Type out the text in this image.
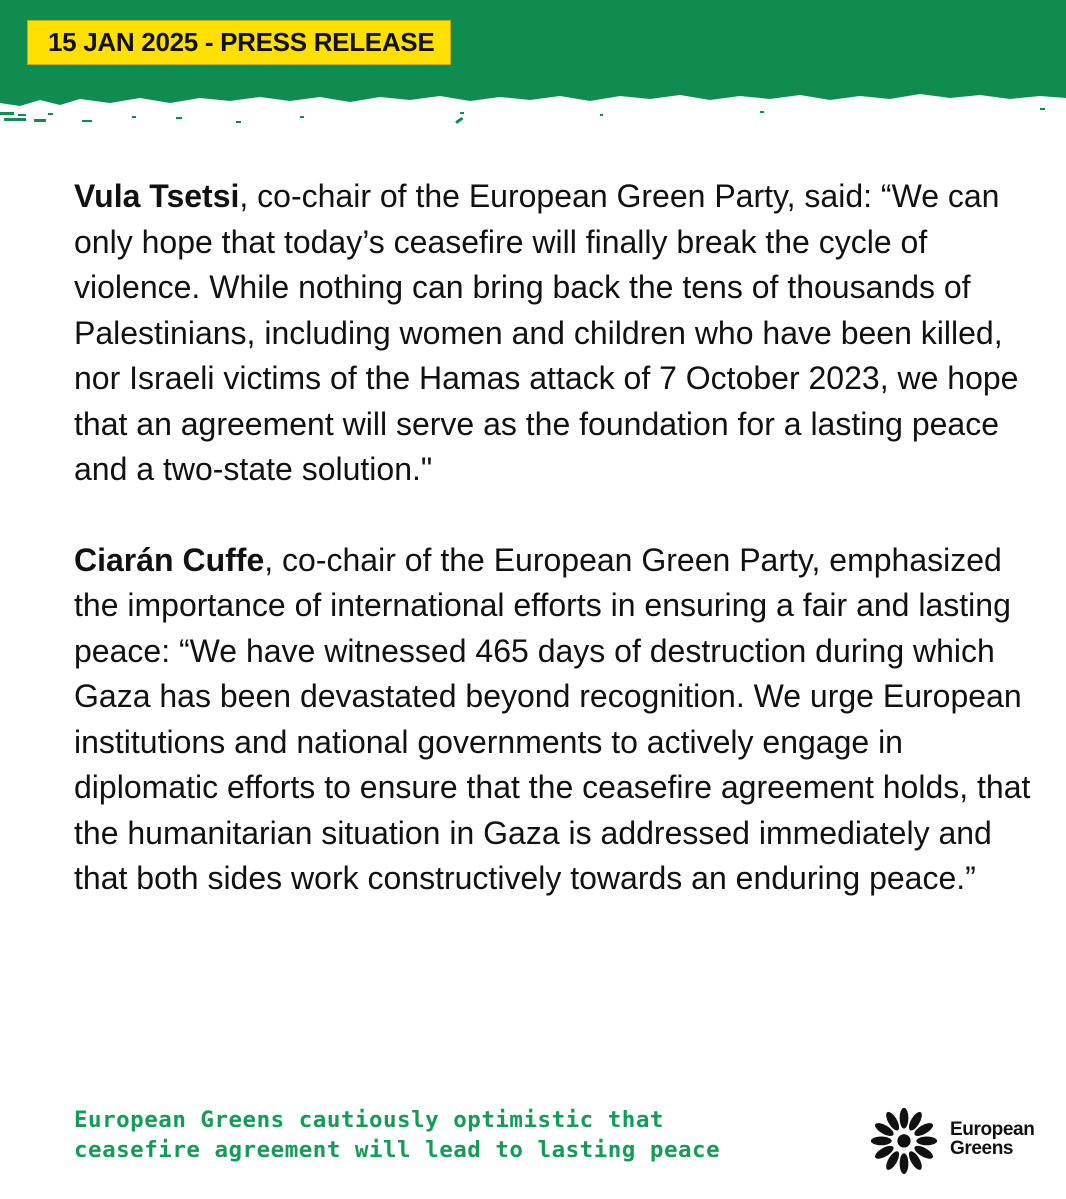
15 JAN 2025 - PRESS RELEASE

Vula Tsetsi, co-chair of the European Green Party, said: “We can only hope that today’s ceasefire will finally break the cycle of violence. While nothing can bring back the tens of thousands of Palestinians, including women and children who have been killed, nor Israeli victims of the Hamas attack of 7 October 2023, we hope that an agreement will serve as the foundation for a lasting peace and a two-state solution."

Ciarán Cuffe, co-chair of the European Green Party, emphasized the importance of international efforts in ensuring a fair and lasting peace: “We have witnessed 465 days of destruction during which Gaza has been devastated beyond recognition. We urge European institutions and national governments to actively engage in diplomatic efforts to ensure that the ceasefire agreement holds, that the humanitarian situation in Gaza is addressed immediately and that both sides work constructively towards an enduring peace.”

European Greens cautiously optimistic that
ceasefire agreement will lead to lasting peace

European
Greens
